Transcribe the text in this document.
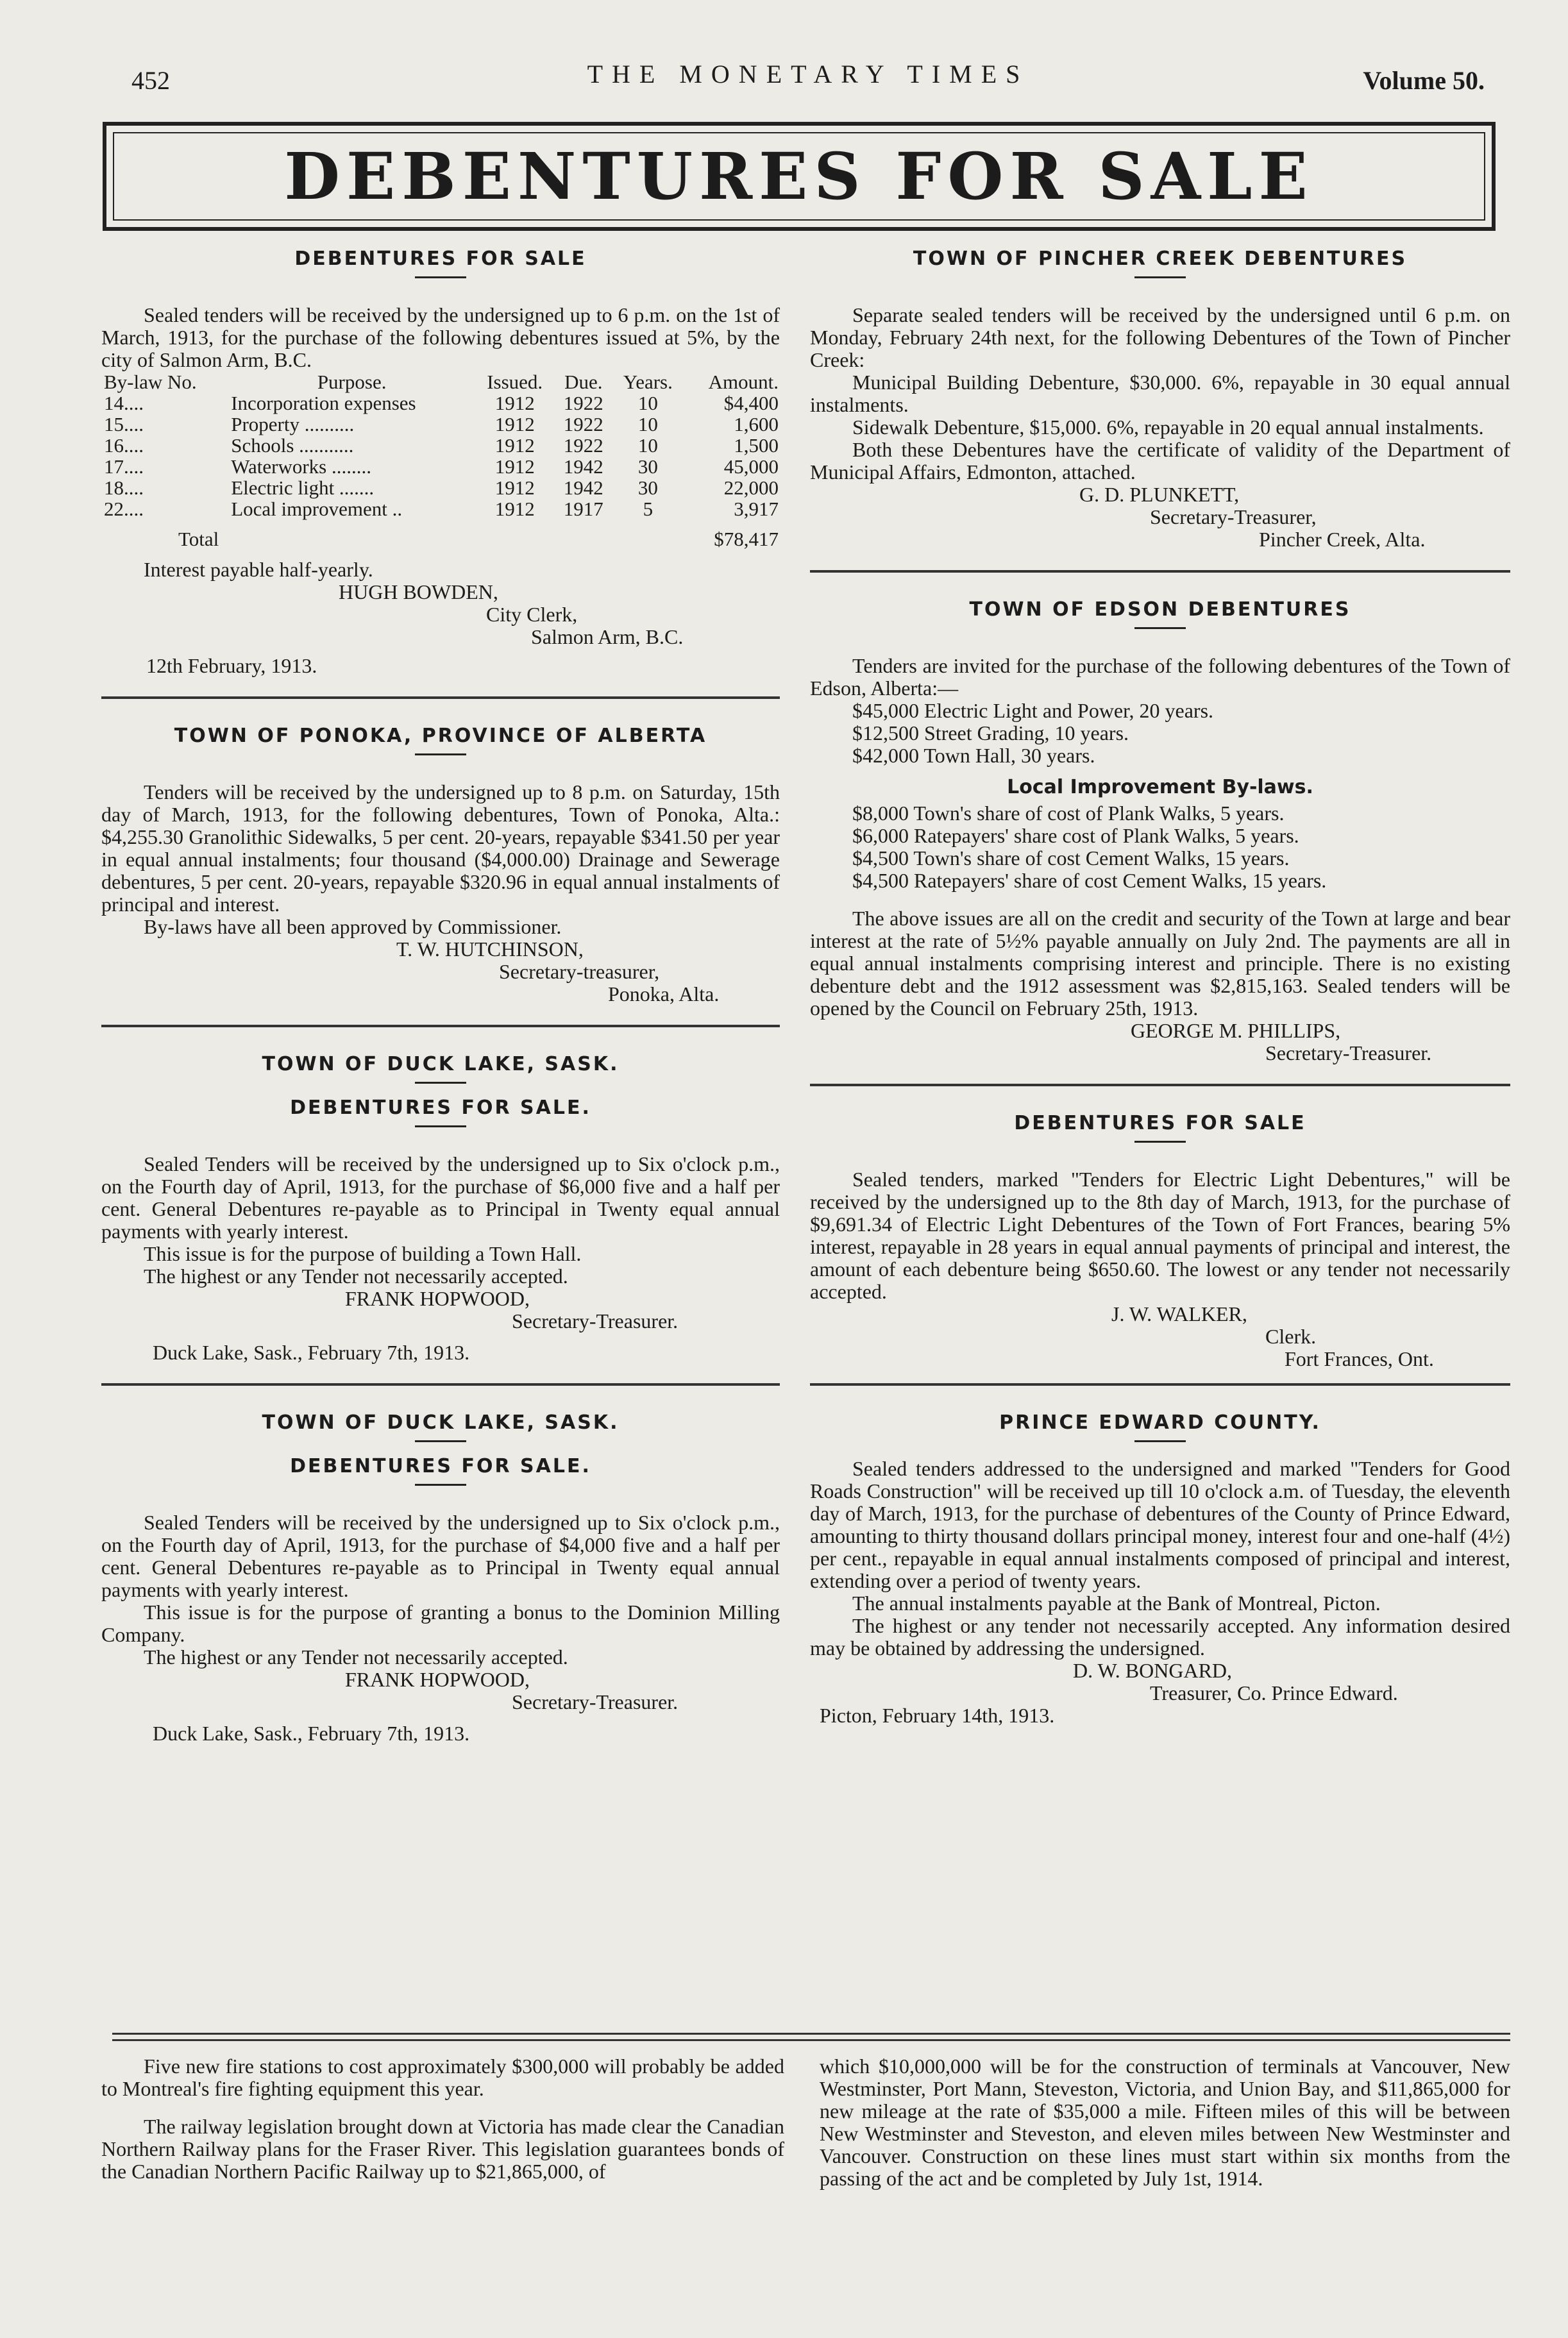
452	THE MONETARY TIMES	Volume 50.
DEBENTURES FOR SALE
DEBENTURES FOR SALE

Sealed tenders will be received by the undersigned up to 6 p.m. on the 1st of March, 1913, for the purchase of the following debentures issued at 5%, by the city of Salmon Arm, B.C.

By-law No.	Purpose.	Issued.	Due.	Years.	Amount.
14....	Incorporation expenses	1912	1922	10	$4,400
15....	Property ..........	1912	1922	10	1,600
16....	Schools ...........	1912	1922	10	1,500
17....	Waterworks ........	1912	1942	30	45,000
18....	Electric light .......	1912	1942	30	22,000
22....	Local improvement ..	1912	1917	5	3,917
Total					$78,417

Interest payable half-yearly.

HUGH BOWDEN,
City Clerk,
Salmon Arm, B.C.

12th February, 1913.

TOWN OF PONOKA, PROVINCE OF ALBERTA

Tenders will be received by the undersigned up to 8 p.m. on Saturday, 15th day of March, 1913, for the following debentures, Town of Ponoka, Alta.: $4,255.30 Granolithic Sidewalks, 5 per cent. 20-years, repayable $341.50 per year in equal annual instalments; four thousand ($4,000.00) Drainage and Sewerage debentures, 5 per cent. 20-years, repayable $320.96 in equal annual instalments of principal and interest.

By-laws have all been approved by Commissioner.

T. W. HUTCHINSON,
Secretary-treasurer,
Ponoka, Alta.
TOWN OF DUCK LAKE, SASK.
DEBENTURES FOR SALE.

Sealed Tenders will be received by the undersigned up to Six o'clock p.m., on the Fourth day of April, 1913, for the purchase of $6,000 five and a half per cent. General Debentures re-payable as to Principal in Twenty equal annual payments with yearly interest.

This issue is for the purpose of building a Town Hall.

The highest or any Tender not necessarily accepted.

FRANK HOPWOOD,
Secretary-Treasurer.

Duck Lake, Sask., February 7th, 1913.

TOWN OF DUCK LAKE, SASK.
DEBENTURES FOR SALE.

Sealed Tenders will be received by the undersigned up to Six o'clock p.m., on the Fourth day of April, 1913, for the purchase of $4,000 five and a half per cent. General Debentures re-payable as to Principal in Twenty equal annual payments with yearly interest.

This issue is for the purpose of granting a bonus to the Dominion Milling Company.

The highest or any Tender not necessarily accepted.

FRANK HOPWOOD,
Secretary-Treasurer.

Duck Lake, Sask., February 7th, 1913.

TOWN OF PINCHER CREEK DEBENTURES

Separate sealed tenders will be received by the undersigned until 6 p.m. on Monday, February 24th next, for the following Debentures of the Town of Pincher Creek:

Municipal Building Debenture, $30,000. 6%, repayable in 30 equal annual instalments.

Sidewalk Debenture, $15,000. 6%, repayable in 20 equal annual instalments.

Both these Debentures have the certificate of validity of the Department of Municipal Affairs, Edmonton, attached.

G. D. PLUNKETT,
Secretary-Treasurer,
Pincher Creek, Alta.
TOWN OF EDSON DEBENTURES

Tenders are invited for the purchase of the following debentures of the Town of Edson, Alberta:—

$45,000 Electric Light and Power, 20 years.
$12,500 Street Grading, 10 years.
$42,000 Town Hall, 30 years.
Local Improvement By-laws.
$8,000 Town's share of cost of Plank Walks, 5 years.
$6,000 Ratepayers' share cost of Plank Walks, 5 years.
$4,500 Town's share of cost Cement Walks, 15 years.
$4,500 Ratepayers' share of cost Cement Walks, 15 years.

The above issues are all on the credit and security of the Town at large and bear interest at the rate of 5½% payable annually on July 2nd. The payments are all in equal annual instalments comprising interest and principle. There is no existing debenture debt and the 1912 assessment was $2,815,163. Sealed tenders will be opened by the Council on February 25th, 1913.

GEORGE M. PHILLIPS,
Secretary-Treasurer.
DEBENTURES FOR SALE

Sealed tenders, marked "Tenders for Electric Light Debentures," will be received by the undersigned up to the 8th day of March, 1913, for the purchase of $9,691.34 of Electric Light Debentures of the Town of Fort Frances, bearing 5% interest, repayable in 28 years in equal annual payments of principal and interest, the amount of each debenture being $650.60. The lowest or any tender not necessarily accepted.

J. W. WALKER,
Clerk.
Fort Frances, Ont.
PRINCE EDWARD COUNTY.

Sealed tenders addressed to the undersigned and marked "Tenders for Good Roads Construction" will be received up till 10 o'clock a.m. of Tuesday, the eleventh day of March, 1913, for the purchase of debentures of the County of Prince Edward, amounting to thirty thousand dollars principal money, interest four and one-half (4½) per cent., repayable in equal annual instalments composed of principal and interest, extending over a period of twenty years.

The annual instalments payable at the Bank of Montreal, Picton.

The highest or any tender not necessarily accepted. Any information desired may be obtained by addressing the undersigned.

D. W. BONGARD,
Treasurer, Co. Prince Edward.

Picton, February 14th, 1913.

Five new fire stations to cost approximately $300,000 will probably be added to Montreal's fire fighting equipment this year.

The railway legislation brought down at Victoria has made clear the Canadian Northern Railway plans for the Fraser River. This legislation guarantees bonds of the Canadian Northern Pacific Railway up to $21,865,000, of

which $10,000,000 will be for the construction of terminals at Vancouver, New Westminster, Port Mann, Steveston, Victoria, and Union Bay, and $11,865,000 for new mileage at the rate of $35,000 a mile. Fifteen miles of this will be between New Westminster and Steveston, and eleven miles between New Westminster and Vancouver. Construction on these lines must start within six months from the passing of the act and be completed by July 1st, 1914.
